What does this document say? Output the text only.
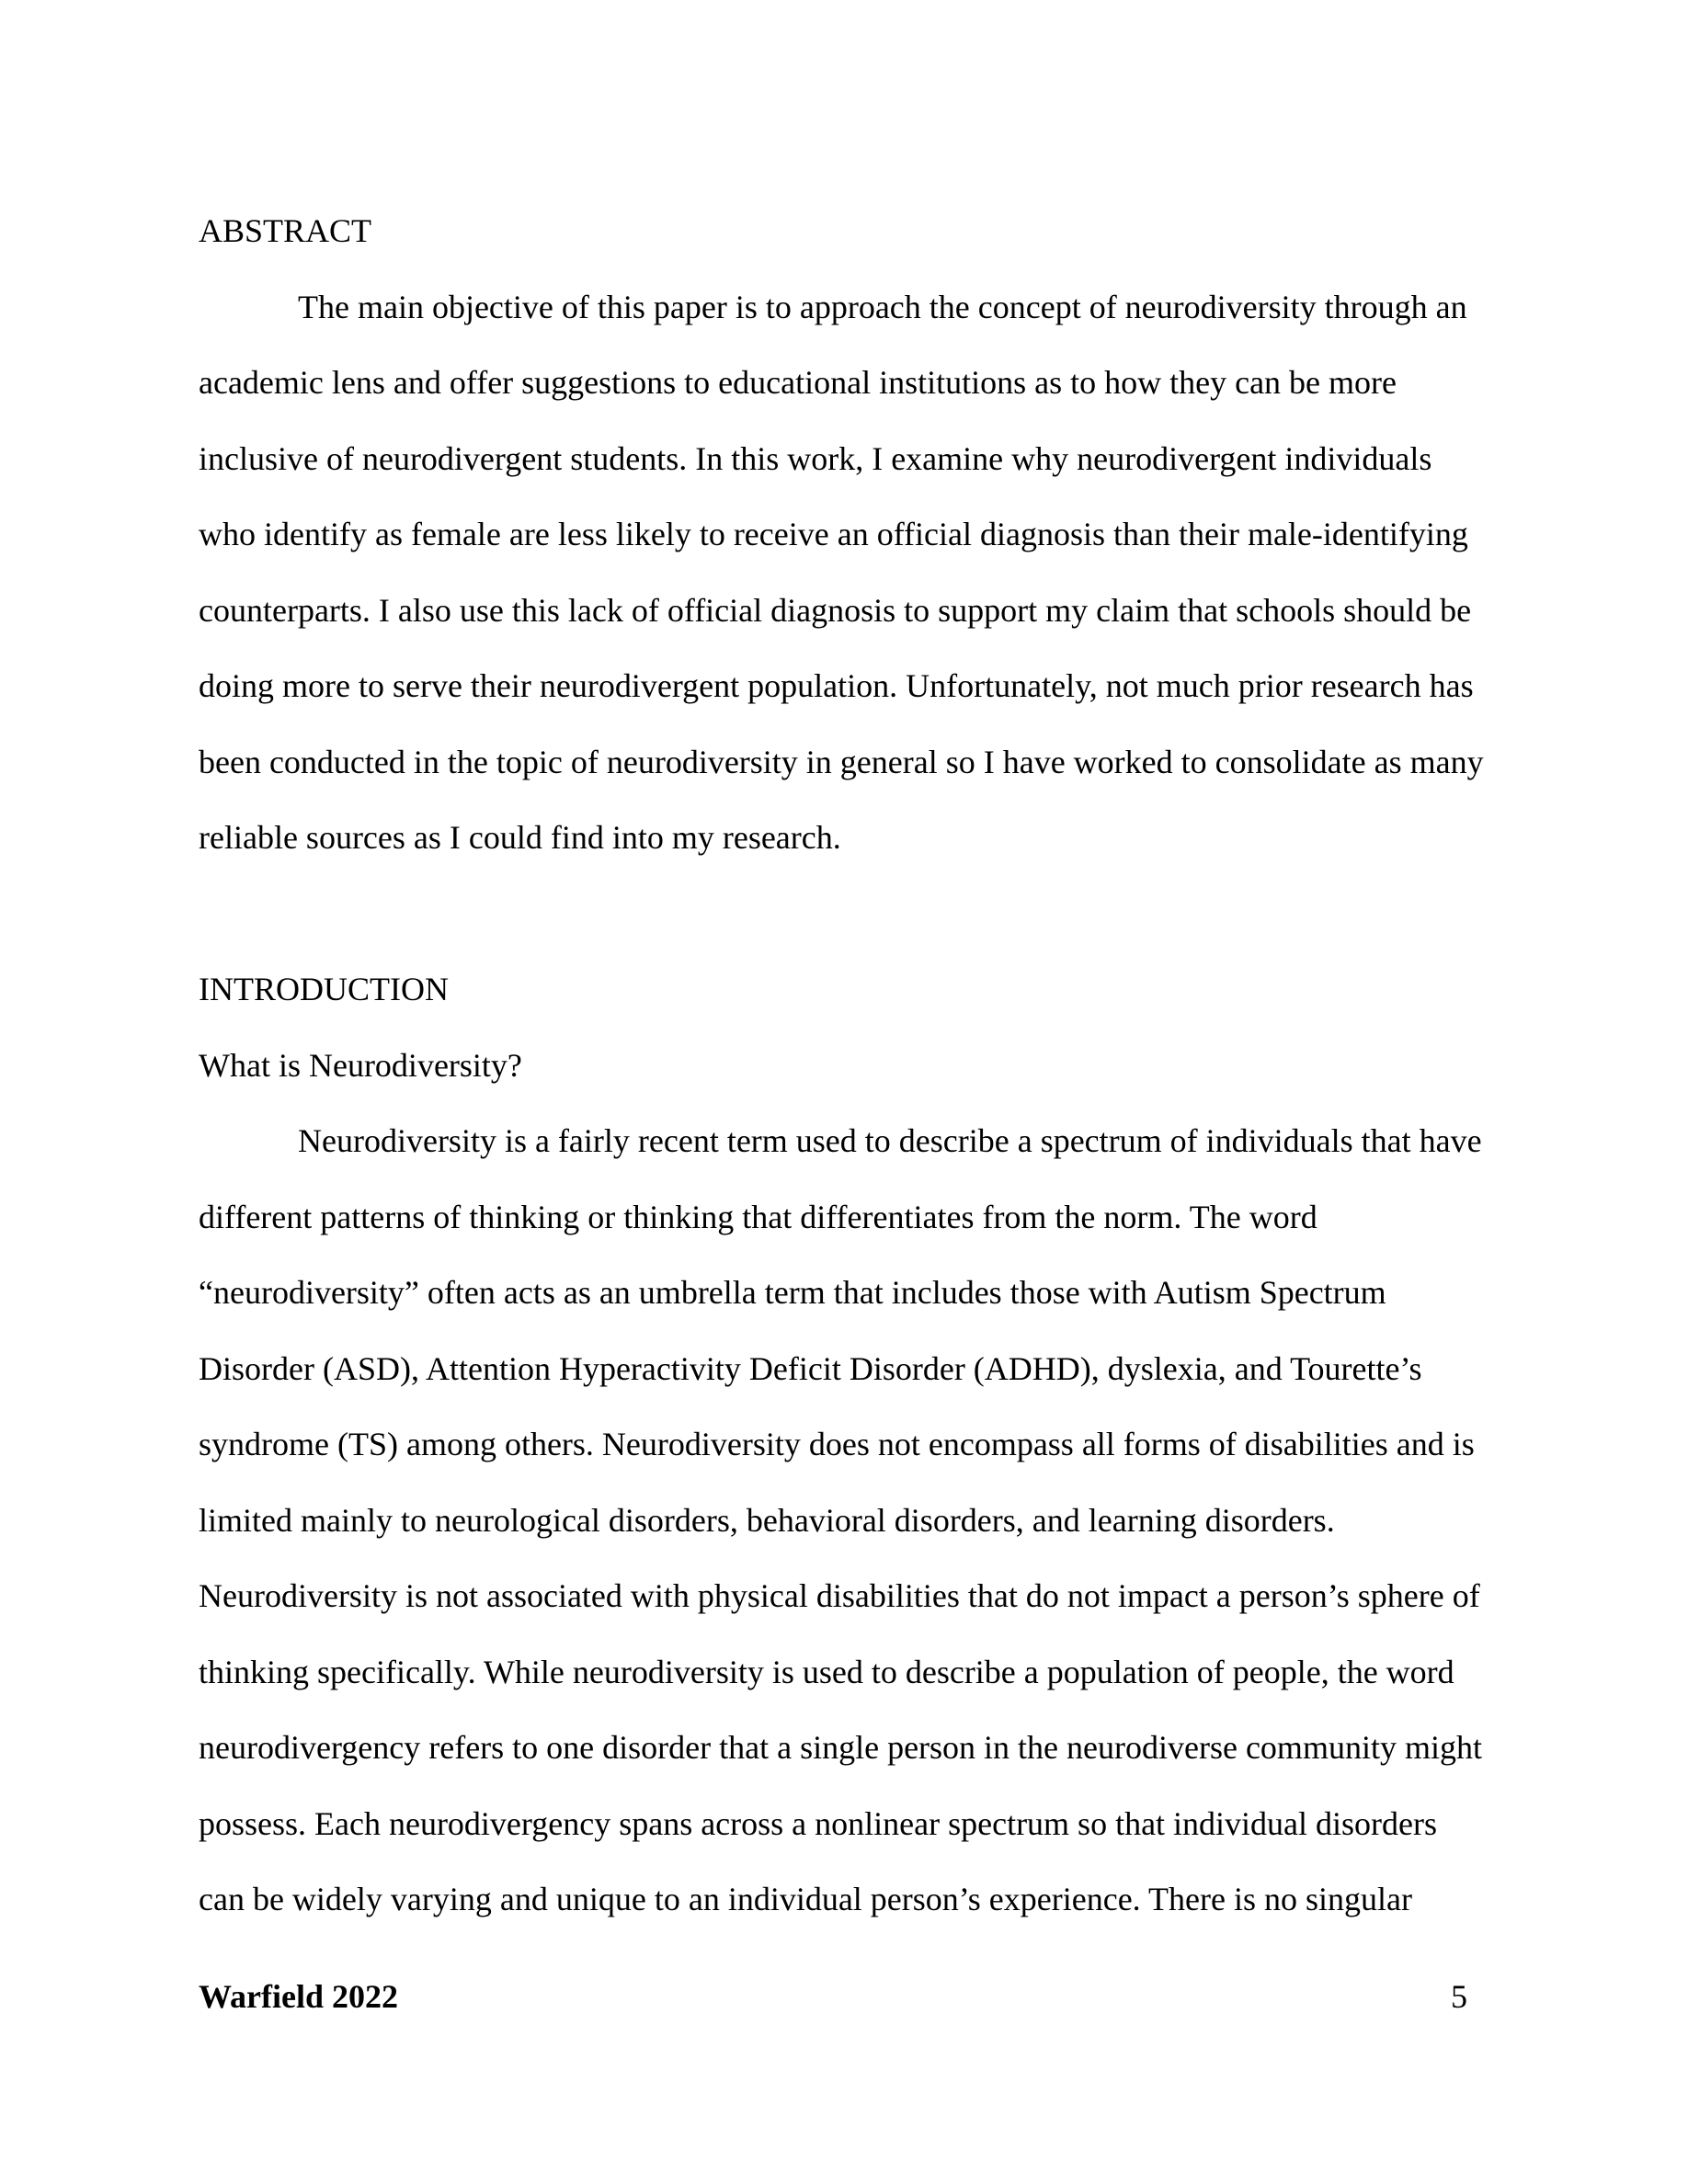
ABSTRACT

The main objective of this paper is to approach the concept of neurodiversity through an academic lens and offer suggestions to educational institutions as to how they can be more inclusive of neurodivergent students. In this work, I examine why neurodivergent individuals who identify as female are less likely to receive an official diagnosis than their male-identifying counterparts. I also use this lack of official diagnosis to support my claim that schools should be doing more to serve their neurodivergent population. Unfortunately, not much prior research has been conducted in the topic of neurodiversity in general so I have worked to consolidate as many reliable sources as I could find into my research.

INTRODUCTION
What is Neurodiversity?

Neurodiversity is a fairly recent term used to describe a spectrum of individuals that have different patterns of thinking or thinking that differentiates from the norm. The word “neurodiversity” often acts as an umbrella term that includes those with Autism Spectrum Disorder (ASD), Attention Hyperactivity Deficit Disorder (ADHD), dyslexia, and Tourette’s syndrome (TS) among others. Neurodiversity does not encompass all forms of disabilities and is limited mainly to neurological disorders, behavioral disorders, and learning disorders. Neurodiversity is not associated with physical disabilities that do not impact a person’s sphere of thinking specifically. While neurodiversity is used to describe a population of people, the word neurodivergency refers to one disorder that a single person in the neurodiverse community might possess. Each neurodivergency spans across a nonlinear spectrum so that individual disorders can be widely varying and unique to an individual person’s experience. There is no singular

Warfield 2022	5
